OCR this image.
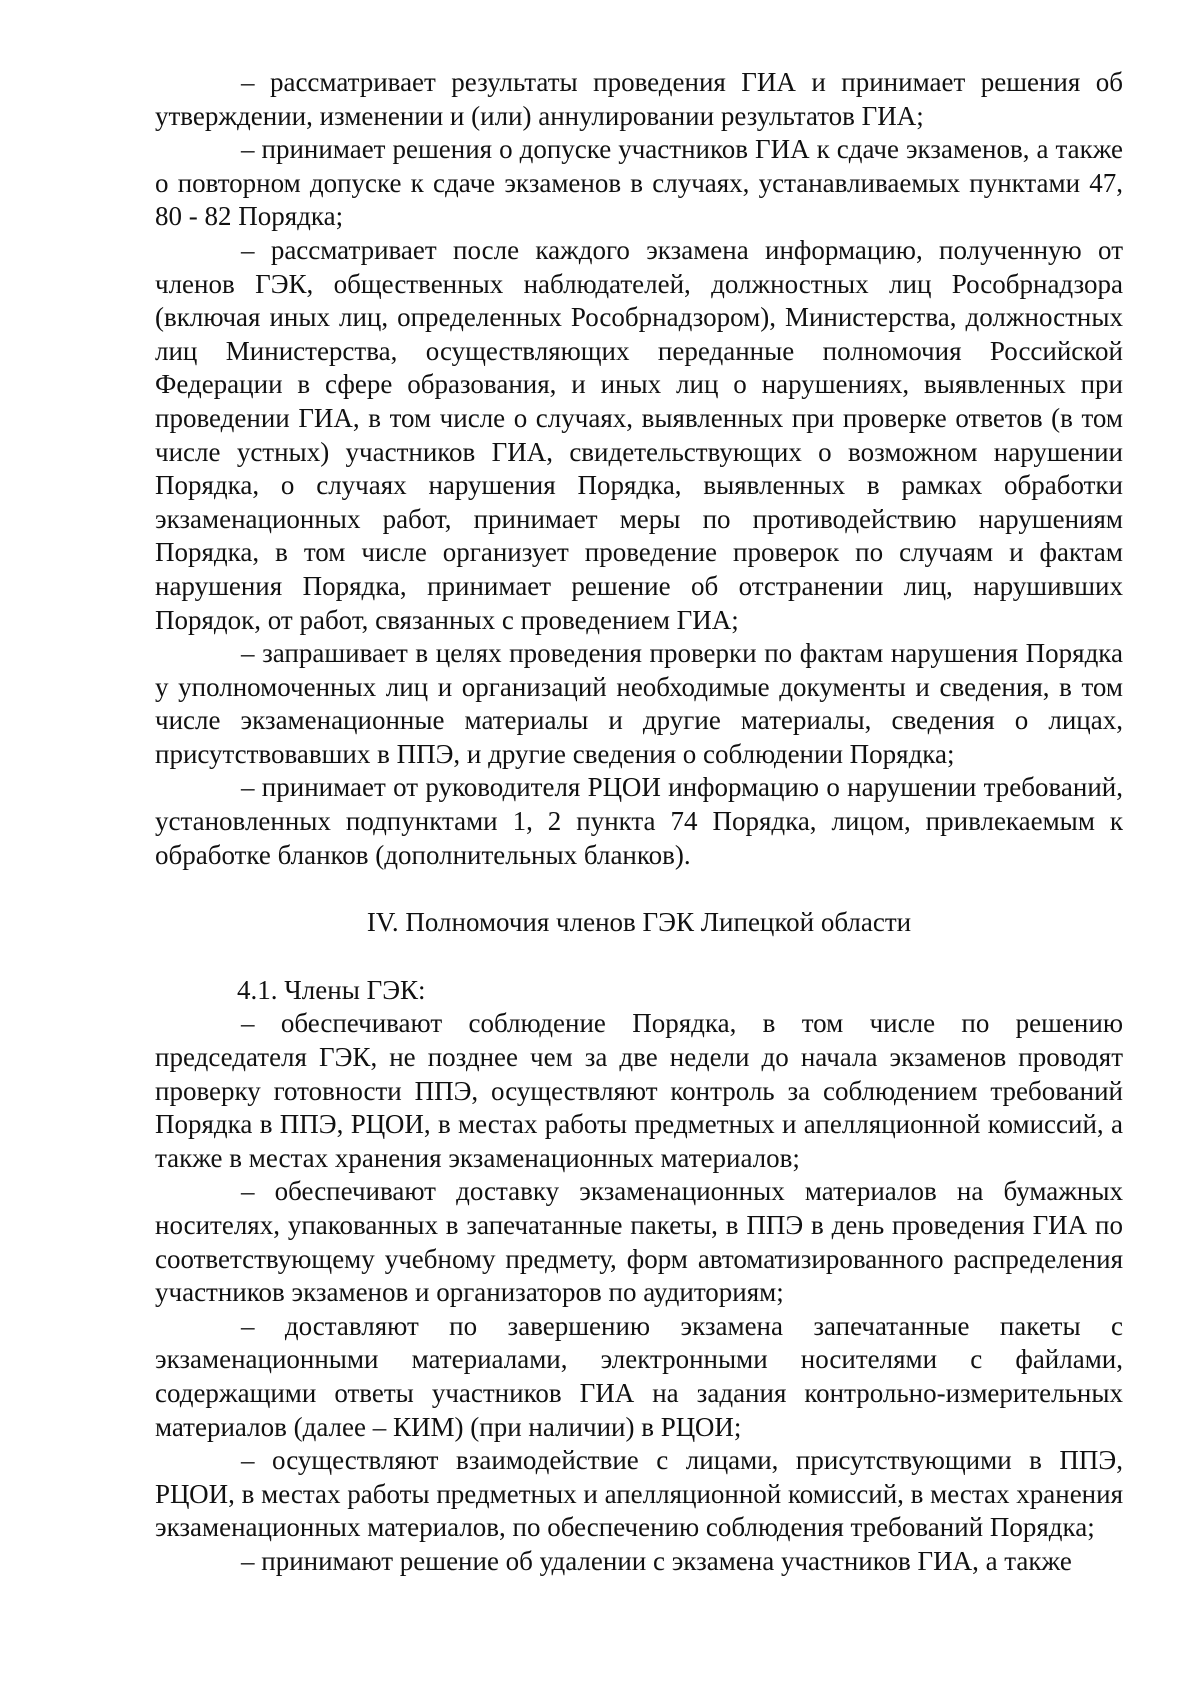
– рассматривает результаты проведения ГИА и принимает решения об утверждении, изменении и (или) аннулировании результатов ГИА;

– принимает решения о допуске участников ГИА к сдаче экзаменов, а также о повторном допуске к сдаче экзаменов в случаях, устанавливаемых пунктами 47, 80 - 82 Порядка;

– рассматривает после каждого экзамена информацию, полученную от членов ГЭК, общественных наблюдателей, должностных лиц Рособрнадзора (включая иных лиц, определенных Рособрнадзором), Министерства, должностных лиц Министерства, осуществляющих переданные полномочия Российской Федерации в сфере образования, и иных лиц о нарушениях, выявленных при проведении ГИА, в том числе о случаях, выявленных при проверке ответов (в том числе устных) участников ГИА, свидетельствующих о возможном нарушении Порядка, о случаях нарушения Порядка, выявленных в рамках обработки экзаменационных работ, принимает меры по противодействию нарушениям Порядка, в том числе организует проведение проверок по случаям и фактам нарушения Порядка, принимает решение об отстранении лиц, нарушивших Порядок, от работ, связанных с проведением ГИА;

– запрашивает в целях проведения проверки по фактам нарушения Порядка у уполномоченных лиц и организаций необходимые документы и сведения, в том числе экзаменационные материалы и другие материалы, сведения о лицах, присутствовавших в ППЭ, и другие сведения о соблюдении Порядка;

– принимает от руководителя РЦОИ информацию о нарушении требований, установленных подпунктами 1, 2 пункта 74 Порядка, лицом, привлекаемым к обработке бланков (дополнительных бланков).

IV. Полномочия членов ГЭК Липецкой области

4.1. Члены ГЭК:

– обеспечивают соблюдение Порядка, в том числе по решению председателя ГЭК, не позднее чем за две недели до начала экзаменов проводят проверку готовности ППЭ, осуществляют контроль за соблюдением требований Порядка в ППЭ, РЦОИ, в местах работы предметных и апелляционной комиссий, а также в местах хранения экзаменационных материалов;

– обеспечивают доставку экзаменационных материалов на бумажных носителях, упакованных в запечатанные пакеты, в ППЭ в день проведения ГИА по соответствующему учебному предмету, форм автоматизированного распределения участников экзаменов и организаторов по аудиториям;

– доставляют по завершению экзамена запечатанные пакеты с экзаменационными материалами, электронными носителями с файлами, содержащими ответы участников ГИА на задания контрольно-измерительных материалов (далее – КИМ) (при наличии) в РЦОИ;

– осуществляют взаимодействие с лицами, присутствующими в ППЭ, РЦОИ, в местах работы предметных и апелляционной комиссий, в местах хранения экзаменационных материалов, по обеспечению соблюдения требований Порядка;

– принимают решение об удалении с экзамена участников ГИА, а также
